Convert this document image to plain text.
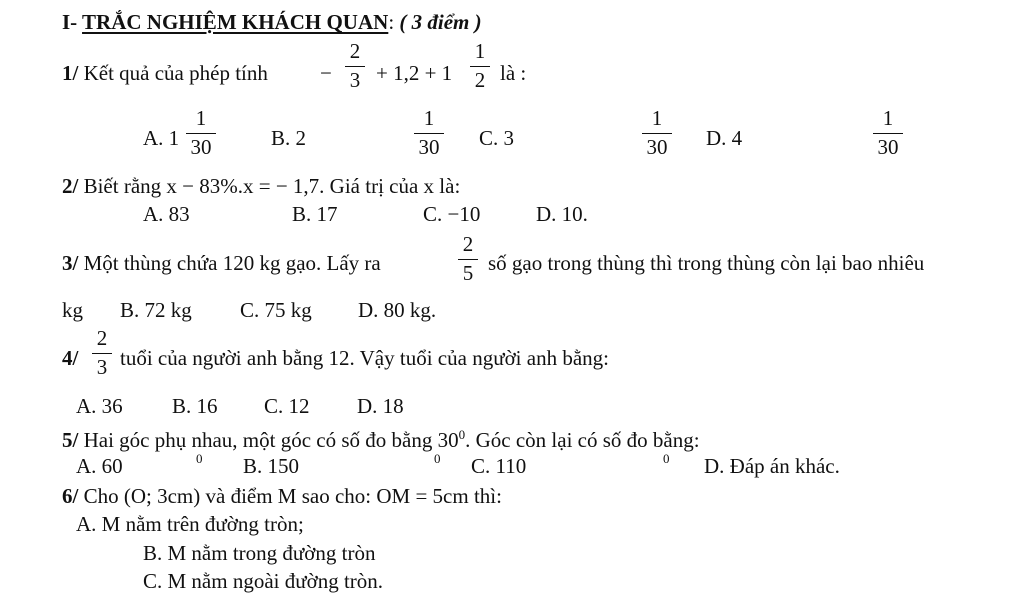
I- TRẮC NGHIỆM KHÁCH QUAN: ( 3 điểm )
1/ Kết quả của phép tính −
2
3 + 1,2 + 1
1
2 là :
A. 1
1
30	B. 2
1
30 C. 3
1
30 D. 4
1
30
2/ Biết rằng x − 83%.x = − 1,7. Giá trị của x là:
A. 83	B. 17	C. −10	D. 10.
3/ Một thùng chứa 120 kg gạo. Lấy ra
2
5 số gạo trong thùng thì trong thùng còn lại bao nhiêu
kg B. 72 kg C. 75 kg D. 80 kg.
4/
2
3 tuổi của người anh bằng 12. Vậy tuổi của người anh bằng:
A. 36 B. 16 C. 12 D. 18
5/ Hai góc phụ nhau, một góc có số đo bằng $30^0$. Góc còn lại có số đo bằng:
A. 60	0 B. 150	0 C. 110	0 D. Đáp án khác.
6/ Cho (O; 3cm) và điểm M sao cho: OM = 5cm thì:
A. M nằm trên đường tròn;
B. M nằm trong đường tròn
C. M nằm ngoài đường tròn.
